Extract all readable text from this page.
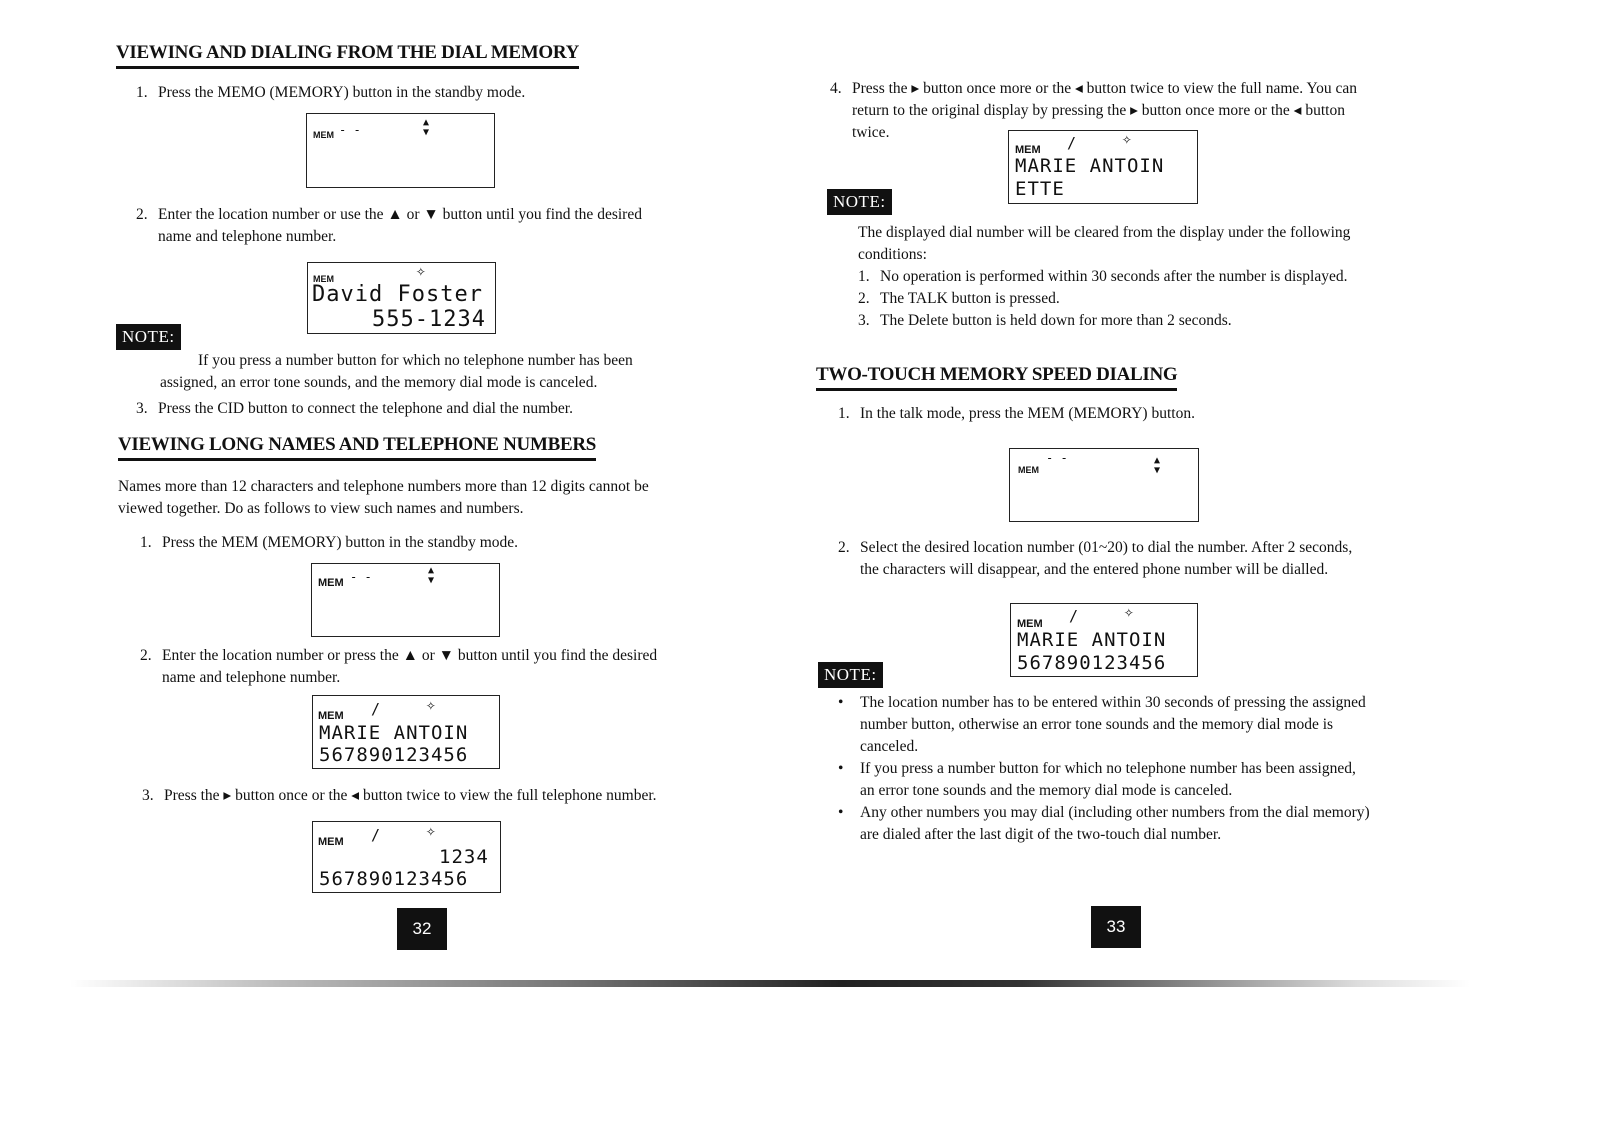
VIEWING AND DIALING FROM THE DIAL MEMORY
1. Press the MEMO (MEMORY) button in the standby mode.
MEM - -
▲
▼
2. Enter the location number or use the ▲ or ▼ button until you find the desired
name and telephone number.
MEM	✧
David Foster
555-1234
NOTE:
If you press a number button for which no telephone number has been
assigned, an error tone sounds, and the memory dial mode is canceled.
3. Press the CID button to connect the telephone and dial the number.
VIEWING LONG NAMES AND TELEPHONE NUMBERS
Names more than 12 characters and telephone numbers more than 12 digits cannot be
viewed together. Do as follows to view such names and numbers.
1. Press the MEM (MEMORY) button in the standby mode.
MEM - -	▲
▼
2. Enter the location number or press the ▲ or ▼ button until you find the desired
name and telephone number.
MEM /	✧
MARIE ANTOIN
567890123456
3. Press the ▸ button once or the ◂ button twice to view the full telephone number.
MEM /	✧
1234
567890123456
32
4. Press the ▸ button once more or the ◂ button twice to view the full name. You can
return to the original display by pressing the ▸ button once more or the ◂ button
twice.
MEM /	✧
MARIE ANTOIN
ETTE
NOTE:
The displayed dial number will be cleared from the display under the following
conditions:
1. No operation is performed within 30 seconds after the number is displayed.
2. The TALK button is pressed.
3. The Delete button is held down for more than 2 seconds.
TWO-TOUCH MEMORY SPEED DIALING
1. In the talk mode, press the MEM (MEMORY) button.
MEM
- -	▲
▼
2. Select the desired location number (01~20) to dial the number. After 2 seconds,
the characters will disappear, and the entered phone number will be dialled.
MEM /	✧
MARIE ANTOIN
567890123456
NOTE:
• The location number has to be entered within 30 seconds of pressing the assigned
number button, otherwise an error tone sounds and the memory dial mode is
canceled.
• If you press a number button for which no telephone number has been assigned,
an error tone sounds and the memory dial mode is canceled.
• Any other numbers you may dial (including other numbers from the dial memory)
are dialed after the last digit of the two-touch dial number.
33
